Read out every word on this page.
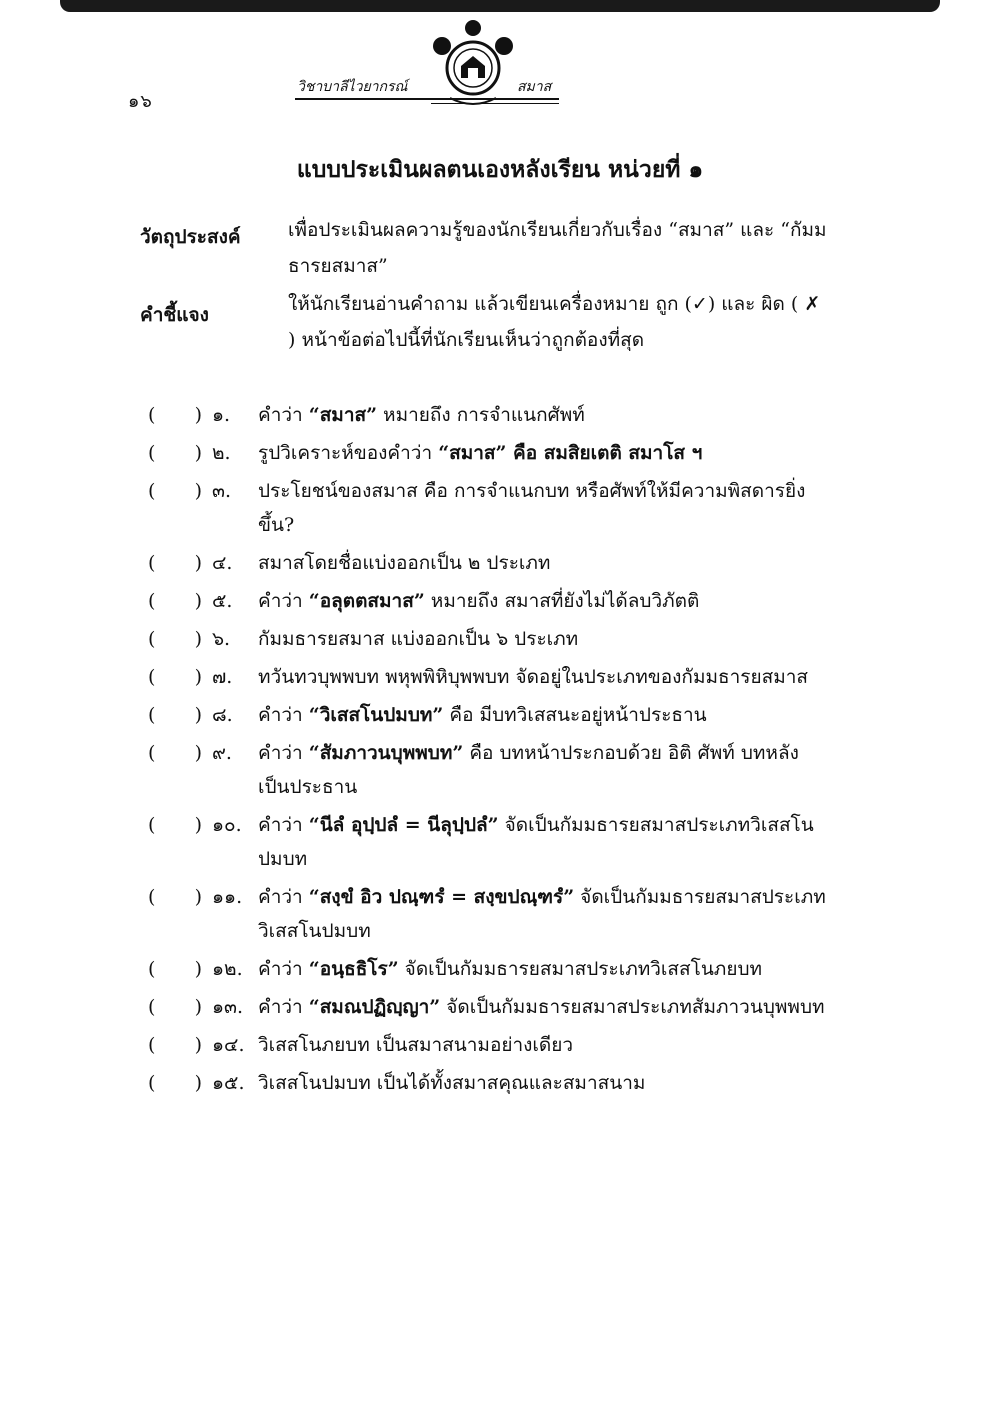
๑๖
วิชาบาลีไวยากรณ์	สมาส
แบบประเมินผลตนเองหลังเรียน หน่วยที่ ๑
วัตถุประสงค์ เพื่อประเมินผลความรู้ของนักเรียนเกี่ยวกับเรื่อง “สมาส” และ “กัมมธารยสมาส”
คำชี้แจง	ให้นักเรียนอ่านคำถาม แล้วเขียนเครื่องหมาย ถูก (✓) และ ผิด ( ✗ ) หน้าข้อต่อไปนี้ที่นักเรียนเห็นว่าถูกต้องที่สุด
( ) ๑.	คำว่า “สมาส” หมายถึง การจำแนกศัพท์
( ) ๒.	รูปวิเคราะห์ของคำว่า “สมาส” คือ สมสิยเตติ สมาโส ฯ
( ) ๓.	ประโยชน์ของสมาส คือ การจำแนกบท หรือศัพท์ให้มีความพิสดารยิ่งขึ้น?
( ) ๔.	สมาสโดยชื่อแบ่งออกเป็น ๒ ประเภท
( ) ๕.	คำว่า “อลุตตสมาส” หมายถึง สมาสที่ยังไม่ได้ลบวิภัตติ
( ) ๖.	กัมมธารยสมาส แบ่งออกเป็น ๖ ประเภท
( ) ๗.	ทวันทวบุพพบท พหุพพิหิบุพพบท จัดอยู่ในประเภทของกัมมธารยสมาส
( ) ๘.	คำว่า “วิเสสโนปมบท” คือ มีบทวิเสสนะอยู่หน้าประธาน
( ) ๙.	คำว่า “สัมภาวนบุพพบท” คือ บทหน้าประกอบด้วย อิติ ศัพท์ บทหลังเป็นประธาน
( ) ๑๐. คำว่า “นีลํ อุปฺปลํ = นีลุปฺปลํ” จัดเป็นกัมมธารยสมาสประเภทวิเสสโนปมบท
( ) ๑๑. คำว่า “สงฺขํ อิว ปณฺฑรํ = สงฺขปณฺฑรํ” จัดเป็นกัมมธารยสมาสประเภทวิเสสโนปมบท
( ) ๑๒. คำว่า “อนฺธธิโร” จัดเป็นกัมมธารยสมาสประเภทวิเสสโนภยบท
( ) ๑๓. คำว่า “สมณปฏิญฺญา” จัดเป็นกัมมธารยสมาสประเภทสัมภาวนบุพพบท
( ) ๑๔. วิเสสโนภยบท เป็นสมาสนามอย่างเดียว
( ) ๑๕. วิเสสโนปมบท เป็นได้ทั้งสมาสคุณและสมาสนาม
